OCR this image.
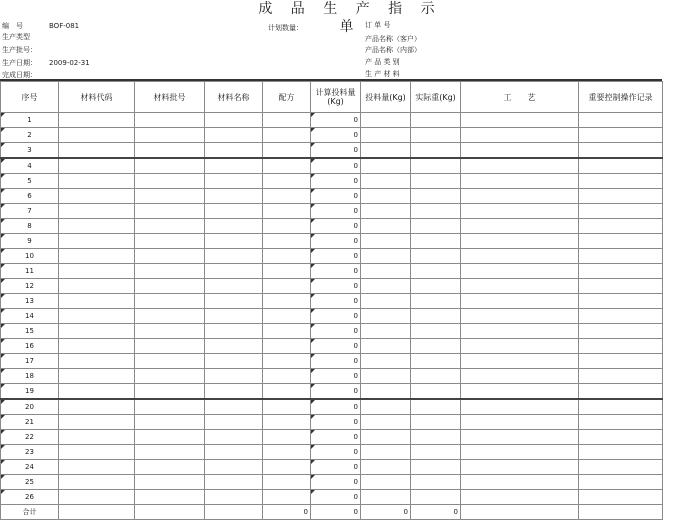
成 品 生 产 指 示 单
计划数量：
序号	材料代码	材料批号	材料名称	配方	计算投料量(Kg)	投料量(Kg)	实际重(Kg)	工　　艺	重要控制操作记录

1					0				

2					0				

3					0				

4					0				

5					0				

6					0				

7					0				

8					0				

9					0				

10					0				

11					0				

12					0				

13					0				

14					0				

15					0				

16					0				

17					0				

18					0				

19					0				

20					0				

21					0				

22					0				

23					0				

24					0				

25					0				

26					0				
合计				0	0	0	0		
编　号	BOF-081
生产类型
生产批号：
生产日期： 2009-02-31
完成日期：
订 单 号
产品名称（客户）
产品名称（内部）
产 品 类 别
生 产 材 料
